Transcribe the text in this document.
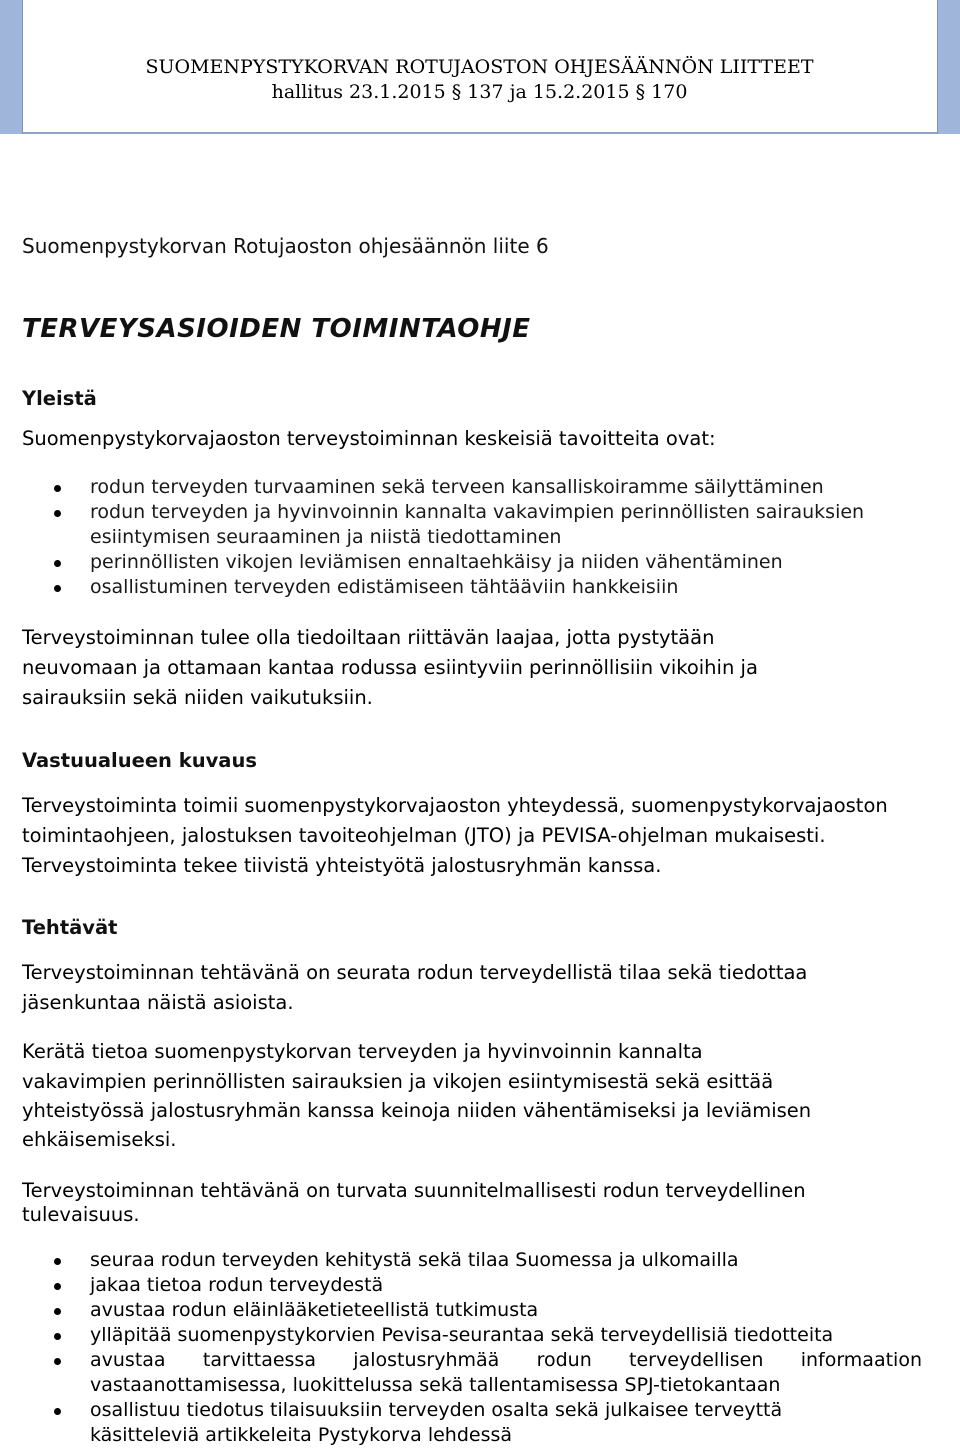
SUOMENPYSTYKORVAN ROTUJAOSTON OHJESÄÄNNÖN LIITTEET
hallitus 23.1.2015 § 137 ja 15.2.2015 § 170
Suomenpystykorvan Rotujaoston ohjesäännön liite 6
TERVEYSASIOIDEN TOIMINTAOHJE
Yleistä
Suomenpystykorvajaoston terveystoiminnan keskeisiä tavoitteita ovat:
rodun terveyden turvaaminen sekä terveen kansalliskoiramme säilyttäminen
rodun terveyden ja hyvinvoinnin kannalta vakavimpien perinnöllisten sairauksien esiintymisen seuraaminen ja niistä tiedottaminen
perinnöllisten vikojen leviämisen ennaltaehkäisy ja niiden vähentäminen
osallistuminen terveyden edistämiseen tähtääviin hankkeisiin
Terveystoiminnan tulee olla tiedoiltaan riittävän laajaa, jotta pystytään
neuvomaan ja ottamaan kantaa rodussa esiintyviin perinnöllisiin vikoihin ja
sairauksiin sekä niiden vaikutuksiin.
Vastuualueen kuvaus
Terveystoiminta toimii suomenpystykorvajaoston yhteydessä, suomenpystykorvajaoston
toimintaohjeen, jalostuksen tavoiteohjelman (JTO) ja PEVISA-ohjelman mukaisesti.
Terveystoiminta tekee tiivistä yhteistyötä jalostusryhmän kanssa.
Tehtävät
Terveystoiminnan tehtävänä on seurata rodun terveydellistä tilaa sekä tiedottaa
jäsenkuntaa näistä asioista.
Kerätä tietoa suomenpystykorvan terveyden ja hyvinvoinnin kannalta
vakavimpien perinnöllisten sairauksien ja vikojen esiintymisestä sekä esittää
yhteistyössä jalostusryhmän kanssa keinoja niiden vähentämiseksi ja leviämisen
ehkäisemiseksi.
Terveystoiminnan tehtävänä on turvata suunnitelmallisesti rodun terveydellinen
tulevaisuus.
seuraa rodun terveyden kehitystä sekä tilaa Suomessa ja ulkomailla
jakaa tietoa rodun terveydestä
avustaa rodun eläinlääketieteellistä tutkimusta
ylläpitää suomenpystykorvien Pevisa-seurantaa sekä terveydellisiä tiedotteita
avustaa tarvittaessa jalostusryhmää rodun terveydellisen informaation
vastaanottamisessa, luokittelussa sekä tallentamisessa SPJ-tietokantaan
osallistuu tiedotus tilaisuuksiin terveyden osalta sekä julkaisee terveyttä
käsitteleviä artikkeleita Pystykorva lehdessä
